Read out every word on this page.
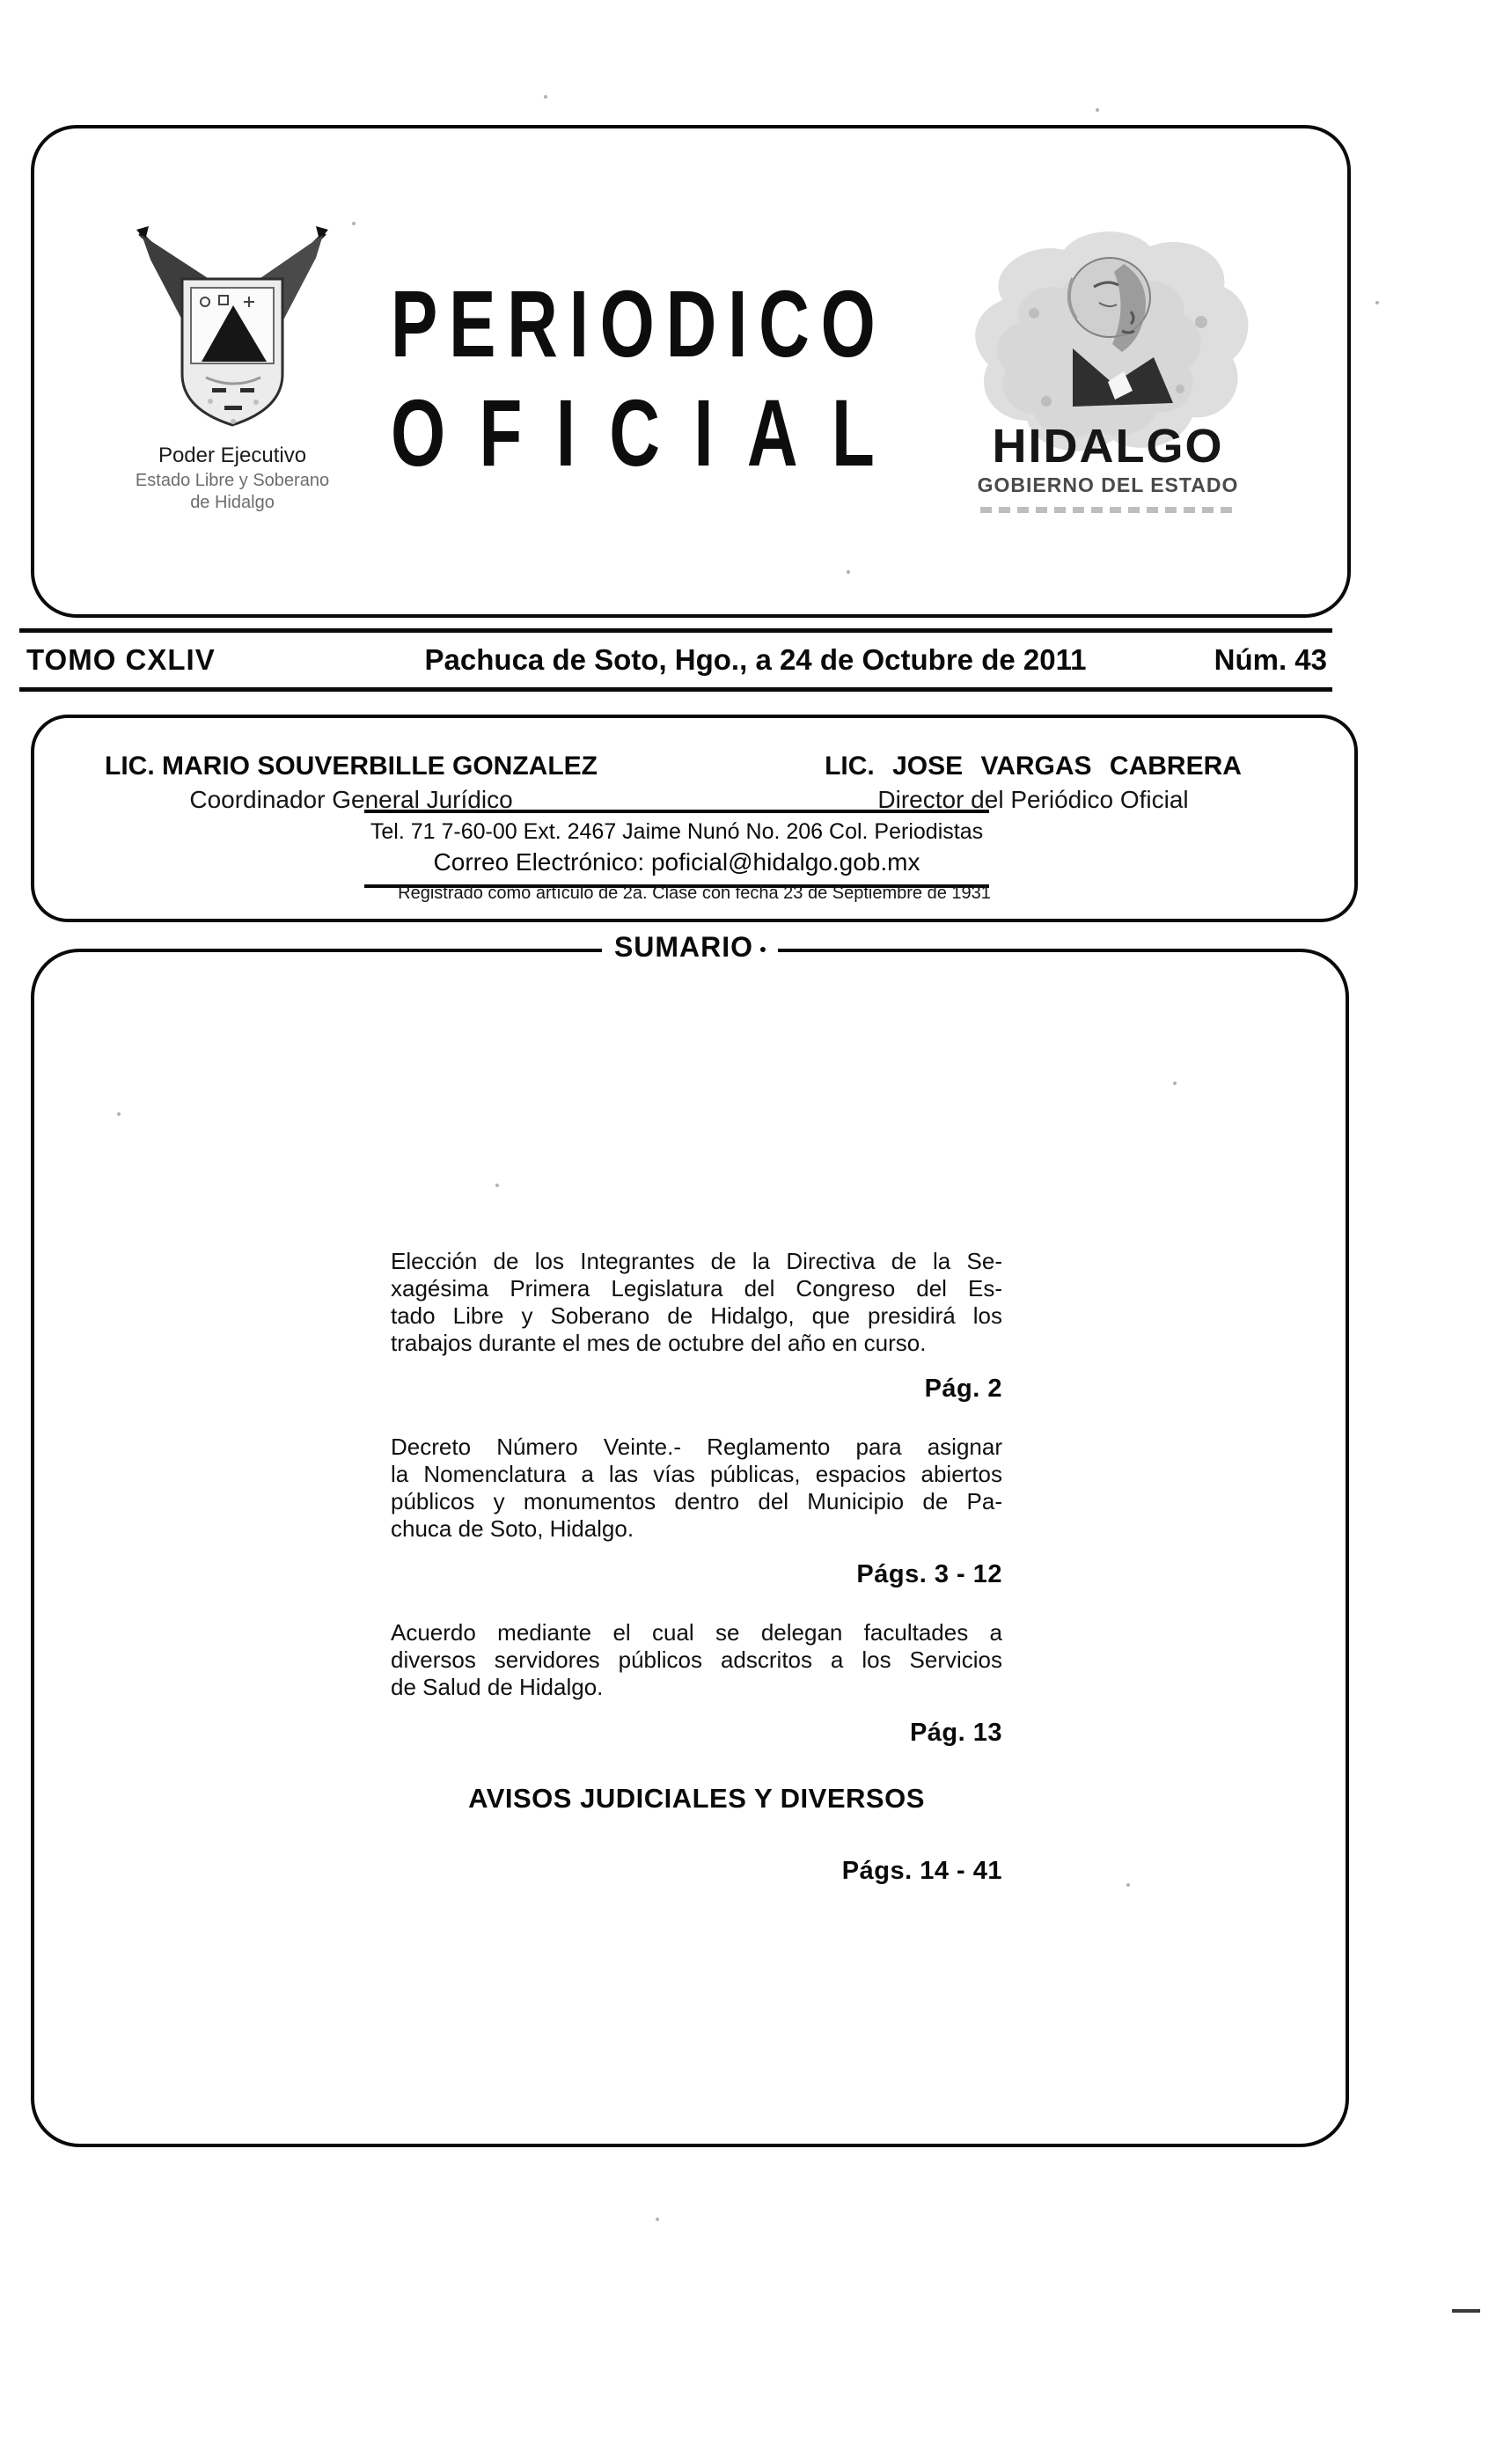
Poder Ejecutivo
Estado Libre y Soberano
de Hidalgo
PERIODICO
OFICIAL	HIDALGO
GOBIERNO DEL ESTADO
TOMO CXLIV	Pachuca de Soto, Hgo., a 24 de Octubre de 2011	Núm. 43
LIC. MARIO SOUVERBILLE GONZALEZ
Coordinador General Jurídico
LIC. JOSE VARGAS CABRERA
Director del Periódico Oficial
Tel. 71 7-60-00 Ext. 2467 Jaime Nunó No. 206 Col. Periodistas
Correo Electrónico: poficial@hidalgo.gob.mx
Registrado como artículo de 2a. Clase con fecha 23 de Septiembre de 1931
SUMARIO
Elección de los Integrantes de la Directiva de la Se-
xagésima Primera Legislatura del Congreso del Es-
tado Libre y Soberano de Hidalgo, que presidirá los
trabajos durante el mes de octubre del año en curso.
Pág. 2
Decreto Número Veinte.- Reglamento para asignar
la Nomenclatura a las vías públicas, espacios abiertos
públicos y monumentos dentro del Municipio de Pa-
chuca de Soto, Hidalgo.
Págs. 3 - 12
Acuerdo mediante el cual se delegan facultades a
diversos servidores públicos adscritos a los Servicios
de Salud de Hidalgo.
Pág. 13
AVISOS JUDICIALES Y DIVERSOS
Págs. 14 - 41
